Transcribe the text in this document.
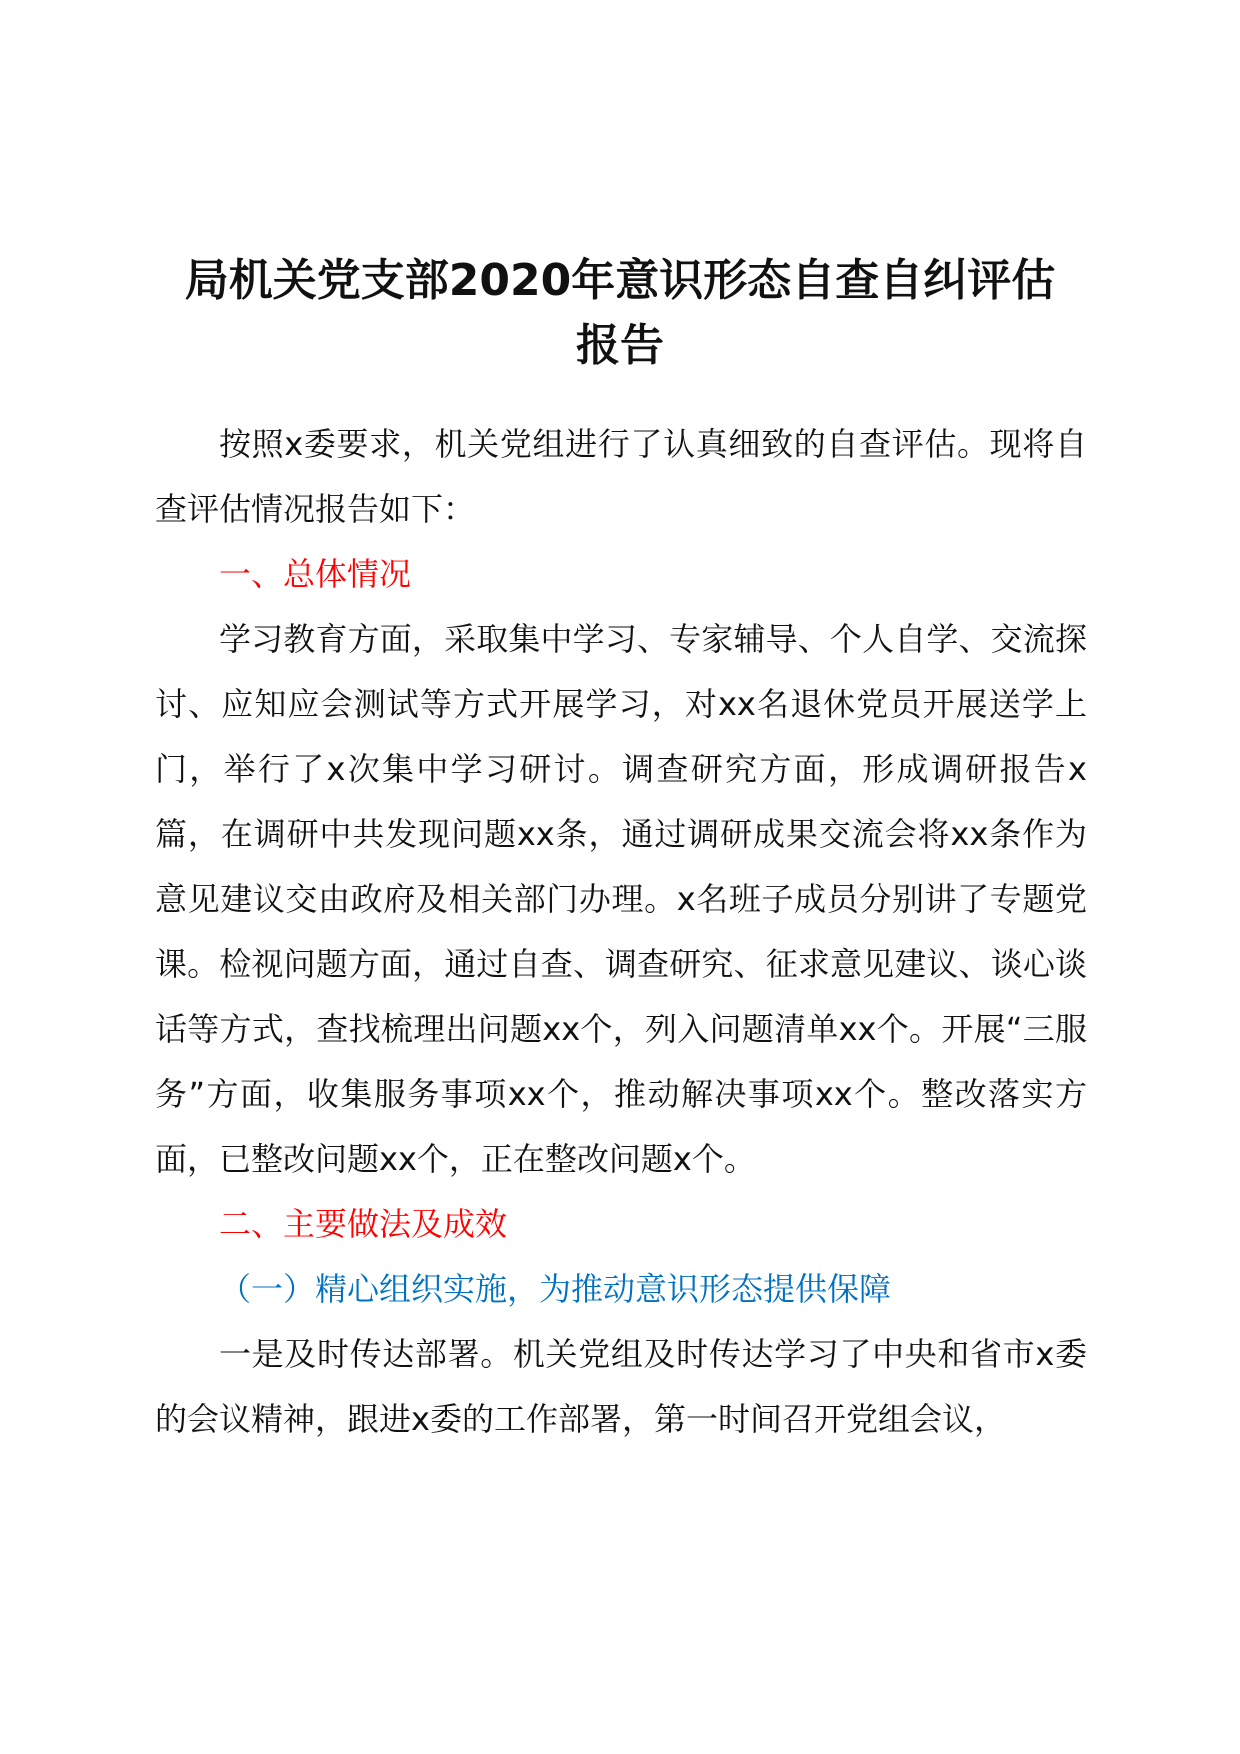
局机关党支部2020年意识形态自查自纠评估
报告

按照x委要求，机关党组进行了认真细致的自查评估。现将自查评估情况报告如下：

一、总体情况

学习教育方面，采取集中学习、专家辅导、个人自学、交流探讨、应知应会测试等方式开展学习，对xx名退休党员开展送学上门，举行了x次集中学习研讨。调查研究方面，形成调研报告x篇，在调研中共发现问题xx条，通过调研成果交流会将xx条作为意见建议交由政府及相关部门办理。x名班子成员分别讲了专题党课。检视问题方面，通过自查、调查研究、征求意见建议、谈心谈话等方式，查找梳理出问题xx个，列入问题清单xx个。开展“三服务”方面，收集服务事项xx个，推动解决事项xx个。整改落实方面，已整改问题xx个，正在整改问题x个。

二、主要做法及成效

（一）精心组织实施，为推动意识形态提供保障

一是及时传达部署。机关党组及时传达学习了中央和省市x委的会议精神，跟进x委的工作部署，第一时间召开党组会议，
